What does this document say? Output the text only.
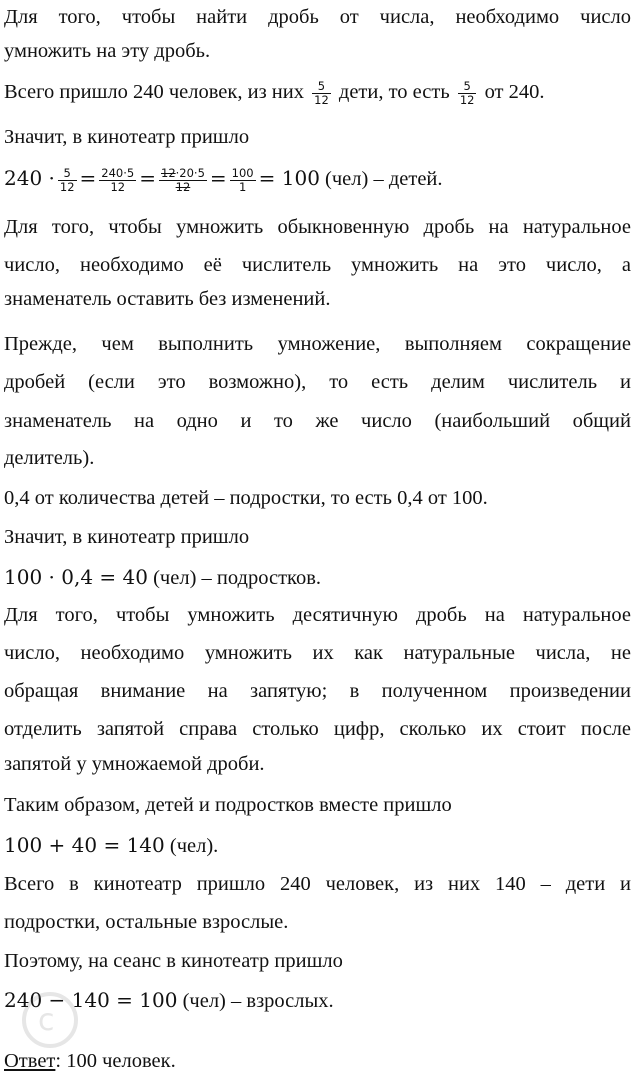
Для того, чтобы найти дробь от числа, необходимо число
умножить на эту дробь.
Всего пришло 240 человек, из них $\frac{5}{12}$ дети, то есть $\frac{5}{12}$ от 240.
Значит, в кинотеатр пришло
$240 \cdot \frac{5}{12} = \frac{240\cdot 5}{12} = \frac{12\cdot 20\cdot 5}{12} = \frac{100}{1} = 100$ (чел) – детей.
Для того, чтобы умножить обыкновенную дробь на натуральное
число, необходимо её числитель умножить на это число, а
знаменатель оставить без изменений.
Прежде, чем выполнить умножение, выполняем сокращение
дробей (если это возможно), то есть делим числитель и
знаменатель на одно и то же число (наибольший общий
делитель).
0,4 от количества детей – подростки, то есть 0,4 от 100.
Значит, в кинотеатр пришло
100 · 0,4 = 40 (чел) – подростков.
Для того, чтобы умножить десятичную дробь на натуральное
число, необходимо умножить их как натуральные числа, не
обращая внимание на запятую; в полученном произведении
отделить запятой справа столько цифр, сколько их стоит после
запятой у умножаемой дроби.
Таким образом, детей и подростков вместе пришло
100 + 40 = 140 (чел).
Всего в кинотеатр пришло 240 человек, из них 140 – дети и
подростки, остальные взрослые.
Поэтому, на сеанс в кинотеатр пришло
240 − 140 = 100 (чел) – взрослых.
Ответ: 100 человек.
c
